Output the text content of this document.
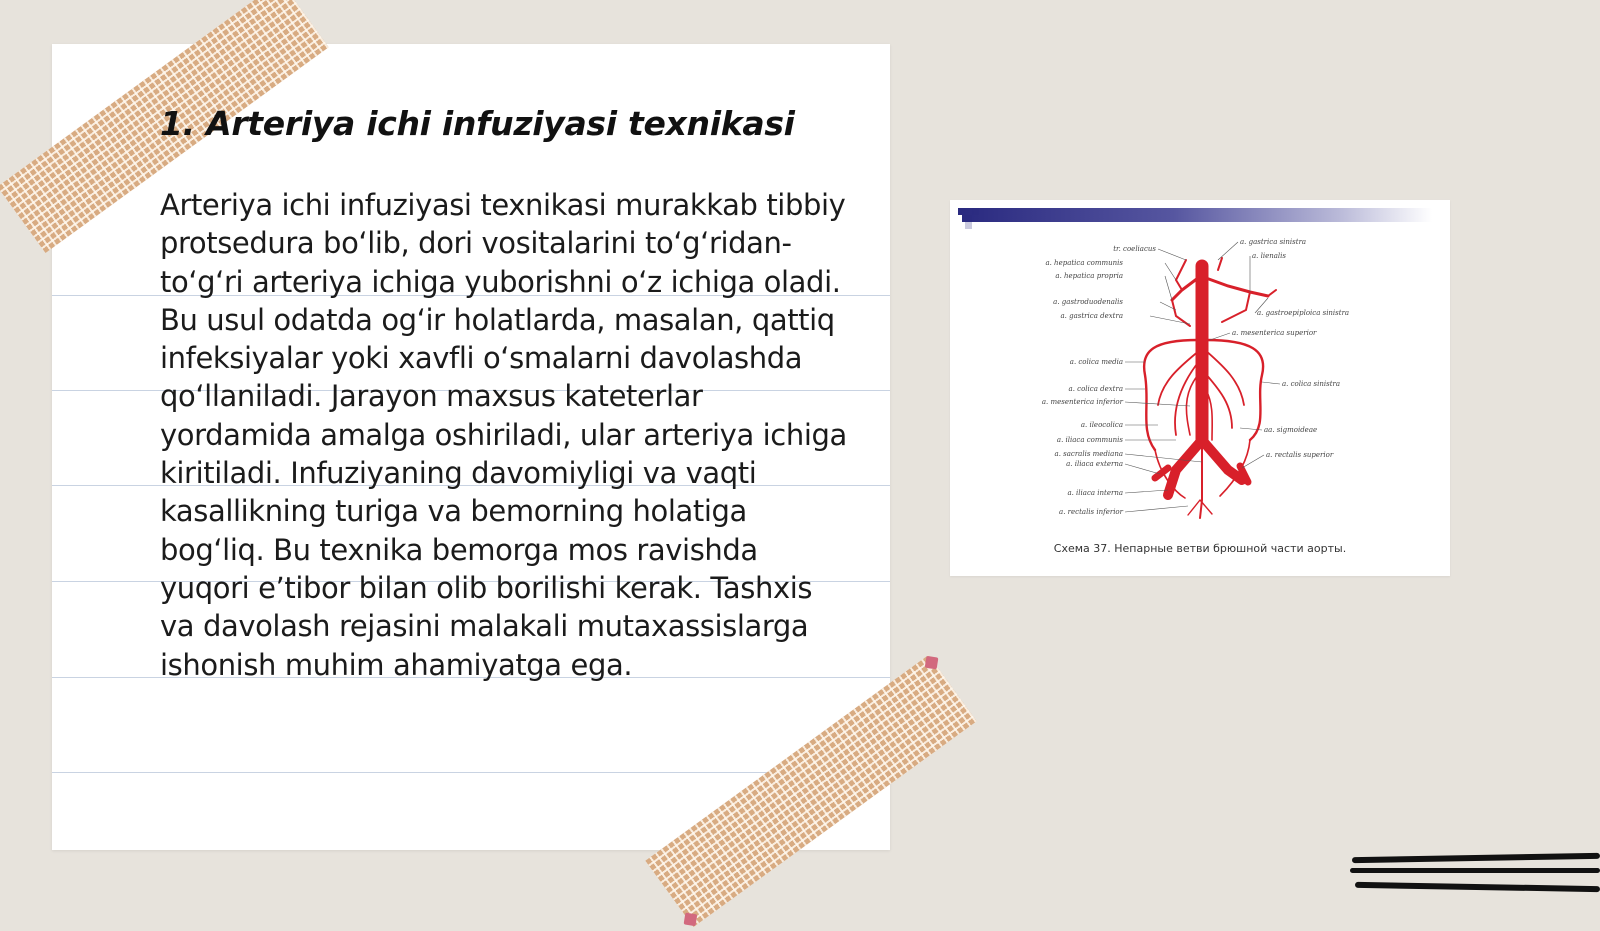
1. Arteriya ichi infuziyasi texnikasi

Arteriya ichi infuziyasi texnikasi murakkab tibbiy protsedura bo‘lib, dori vositalarini to‘g‘ridan-to‘g‘ri arteriya ichiga yuborishni o‘z ichiga oladi. Bu usul odatda og‘ir holatlarda, masalan, qattiq infeksiyalar yoki xavfli o‘smalarni davolashda qo‘llaniladi. Jarayon maxsus kateterlar yordamida amalga oshiriladi, ular arteriya ichiga kiritiladi. Infuziyaning davomiyligi va vaqti kasallikning turiga va bemorning holatiga bog‘liq. Bu texnika bemorga mos ravishda yuqori e’tibor bilan olib borilishi kerak. Tashxis va davolash rejasini malakali mutaxassislarga ishonish muhim ahamiyatga ega.

tr. coeliacus
a. hepatica communis
a. hepatica propria
a. gastroduodenalis
a. gastrica dextra
a. colica media
a. colica dextra
a. mesenterica inferior
a. ileocolica
a. iliaca communis
a. sacralis mediana
a. iliaca externa
a. iliaca interna
a. rectalis inferior
a. gastrica sinistra
a. lienalis
a. gastroepiploica sinistra
a. mesenterica superior
a. colica sinistra
aa. sigmoideae
a. rectalis superior
Схема 37. Непарные ветви брюшной части аорты.
